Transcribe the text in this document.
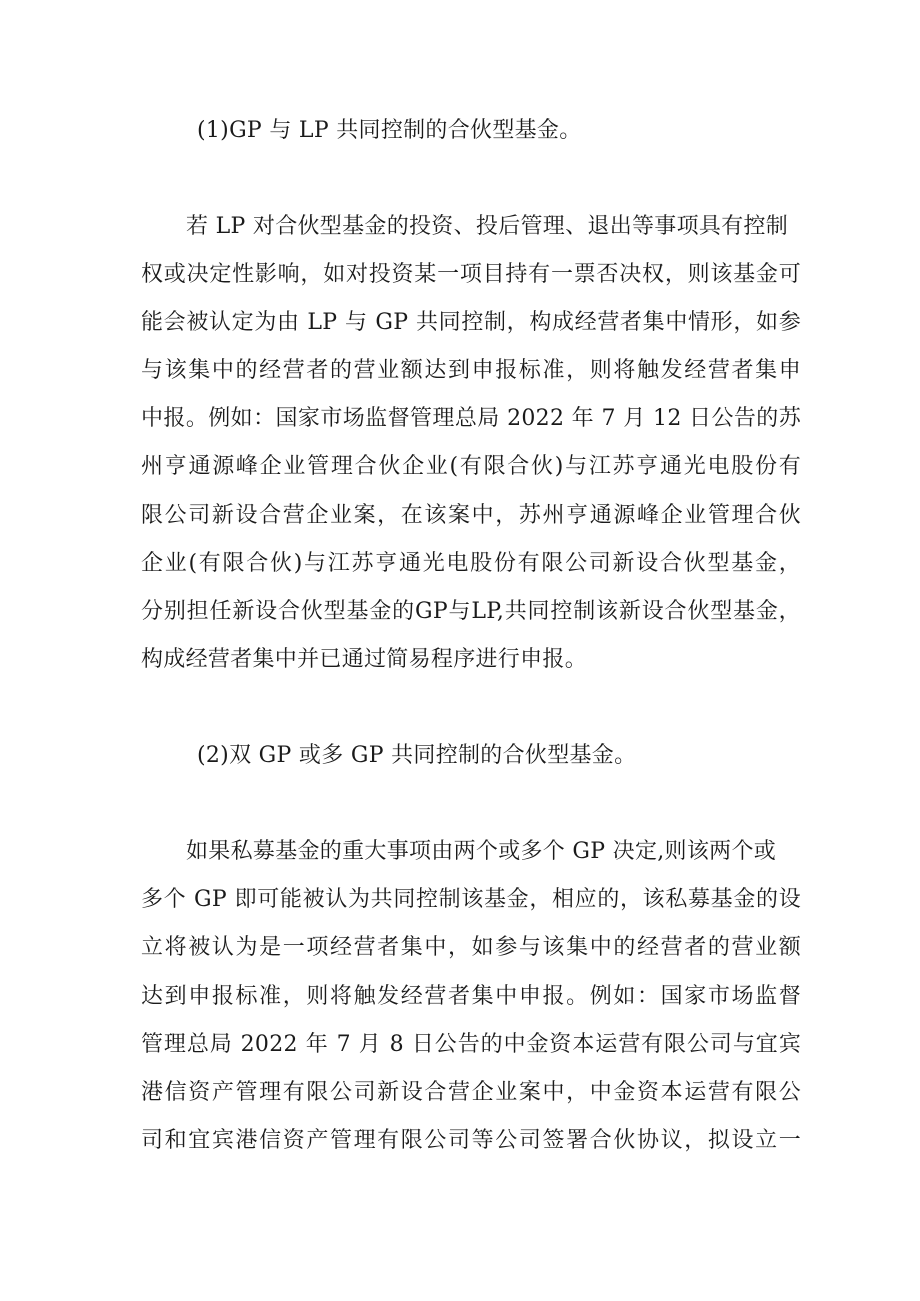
(1)GP 与 LP 共同控制的合伙型基金。
若 LP 对合伙型基金的投资、投后管理、退出等事项具有控制
权或决定性影响，如对投资某一项目持有一票否决权，则该基金可
能会被认定为由 LP 与 GP 共同控制，构成经营者集中情形，如参
与该集中的经营者的营业额达到申报标准，则将触发经营者集申
中报。例如：国家市场监督管理总局 2022 年 7 月 12 日公告的苏
州亨通源峰企业管理合伙企业(有限合伙)与江苏亨通光电股份有
限公司新设合营企业案，在该案中，苏州亨通源峰企业管理合伙
企业(有限合伙)与江苏亨通光电股份有限公司新设合伙型基金，
分别担任新设合伙型基金的GP与LP,共同控制该新设合伙型基金，
构成经营者集中并已通过简易程序进行申报。
(2)双 GP 或多 GP 共同控制的合伙型基金。
如果私募基金的重大事项由两个或多个 GP 决定,则该两个或
多个 GP 即可能被认为共同控制该基金，相应的，该私募基金的设
立将被认为是一项经营者集中，如参与该集中的经营者的营业额
达到申报标准，则将触发经营者集中申报。例如：国家市场监督
管理总局 2022 年 7 月 8 日公告的中金资本运营有限公司与宜宾
港信资产管理有限公司新设合营企业案中，中金资本运营有限公
司和宜宾港信资产管理有限公司等公司签署合伙协议，拟设立一
